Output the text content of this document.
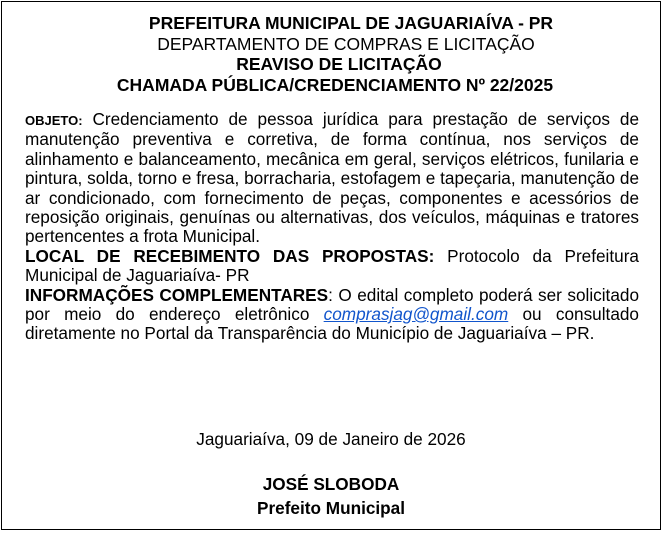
PREFEITURA MUNICIPAL DE JAGUARIAÍVA - PR
DEPARTAMENTO DE COMPRAS E LICITAÇÃO
REAVISO DE LICITAÇÃO
CHAMADA PÚBLICA/CREDENCIAMENTO Nº 22/2025

OBJETO: Credenciamento de pessoa jurídica para prestação de serviços de manutenção preventiva e corretiva, de forma contínua, nos serviços de alinhamento e balanceamento, mecânica em geral, serviços elétricos, funilaria e pintura, solda, torno e fresa, borracharia, estofagem e tapeçaria, manutenção de ar condicionado, com fornecimento de peças, componentes e acessórios de reposição originais, genuínas ou alternativas, dos veículos, máquinas e tratores pertencentes a frota Municipal.

LOCAL DE RECEBIMENTO DAS PROPOSTAS: Protocolo da Prefeitura Municipal de Jaguariaíva- PR

INFORMAÇÕES COMPLEMENTARES: O edital completo poderá ser solicitado por meio do endereço eletrônico comprasjag@gmail.com ou consultado diretamente no Portal da Transparência do Município de Jaguariaíva – PR.

Jaguariaíva, 09 de Janeiro de 2026
JOSÉ SLOBODA
Prefeito Municipal
